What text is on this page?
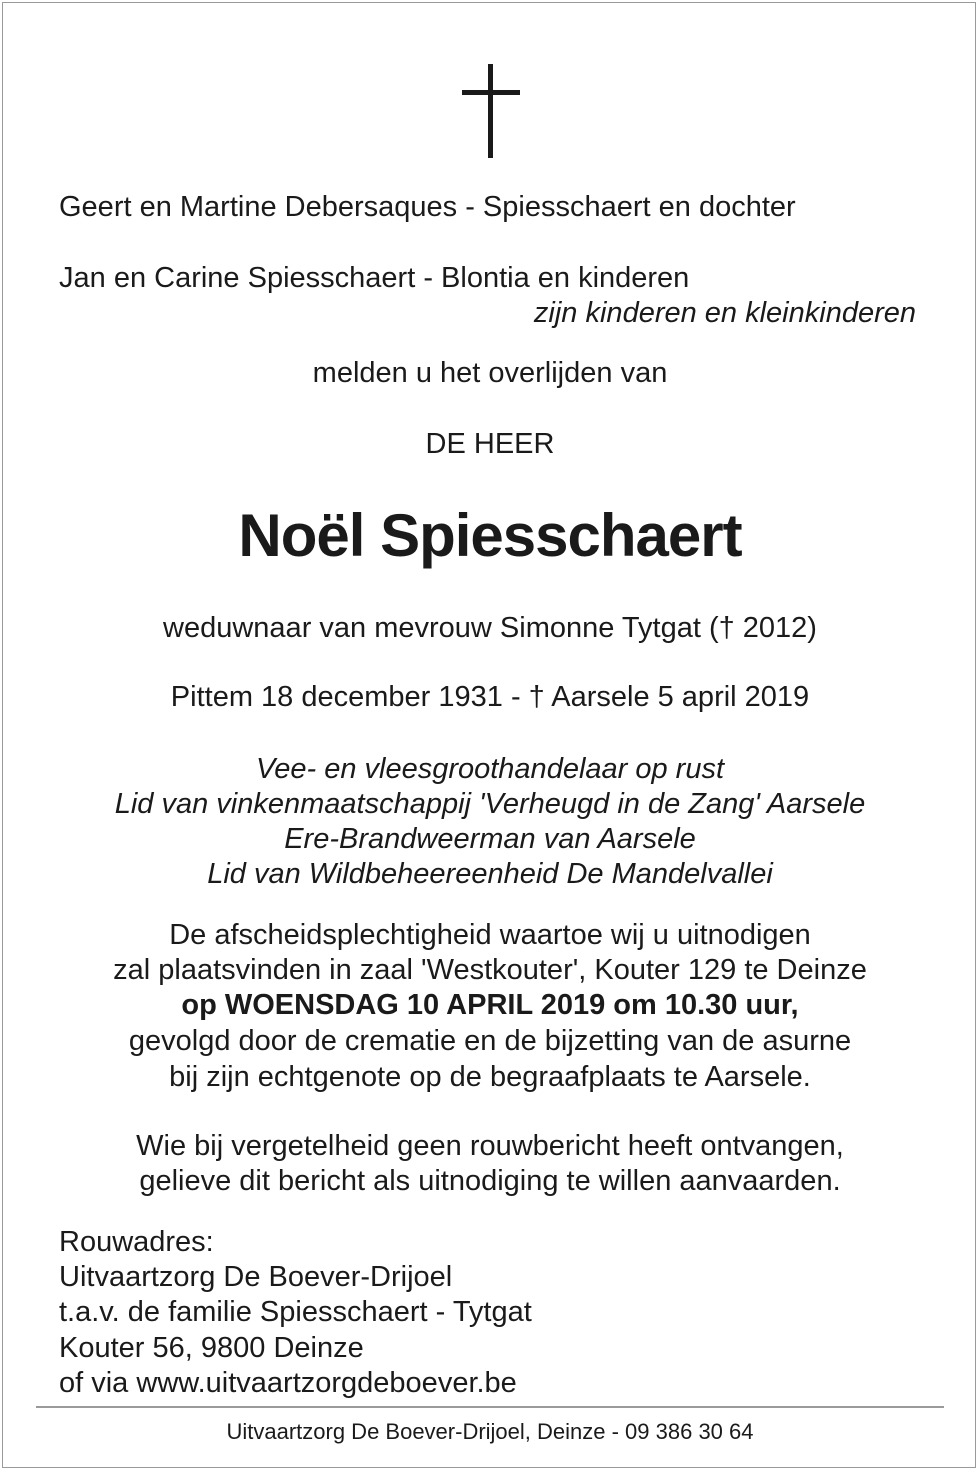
Geert en Martine Debersaques - Spiesschaert en dochter
Jan en Carine Spiesschaert - Blontia en kinderen
zijn kinderen en kleinkinderen
melden u het overlijden van
DE HEER
Noël Spiesschaert
weduwnaar van mevrouw Simonne Tytgat († 2012)
Pittem 18 december 1931 - † Aarsele 5 april 2019
Vee- en vleesgroothandelaar op rust
Lid van vinkenmaatschappij 'Verheugd in de Zang' Aarsele
Ere-Brandweerman van Aarsele
Lid van Wildbeheereenheid De Mandelvallei
De afscheidsplechtigheid waartoe wij u uitnodigen
zal plaatsvinden in zaal 'Westkouter', Kouter 129 te Deinze
op WOENSDAG 10 APRIL 2019 om 10.30 uur,
gevolgd door de crematie en de bijzetting van de asurne
bij zijn echtgenote op de begraafplaats te Aarsele.
Wie bij vergetelheid geen rouwbericht heeft ontvangen,
gelieve dit bericht als uitnodiging te willen aanvaarden.
Rouwadres:
Uitvaartzorg De Boever-Drijoel
t.a.v. de familie Spiesschaert - Tytgat
Kouter 56, 9800 Deinze
of via www.uitvaartzorgdeboever.be
Uitvaartzorg De Boever-Drijoel, Deinze - 09 386 30 64
